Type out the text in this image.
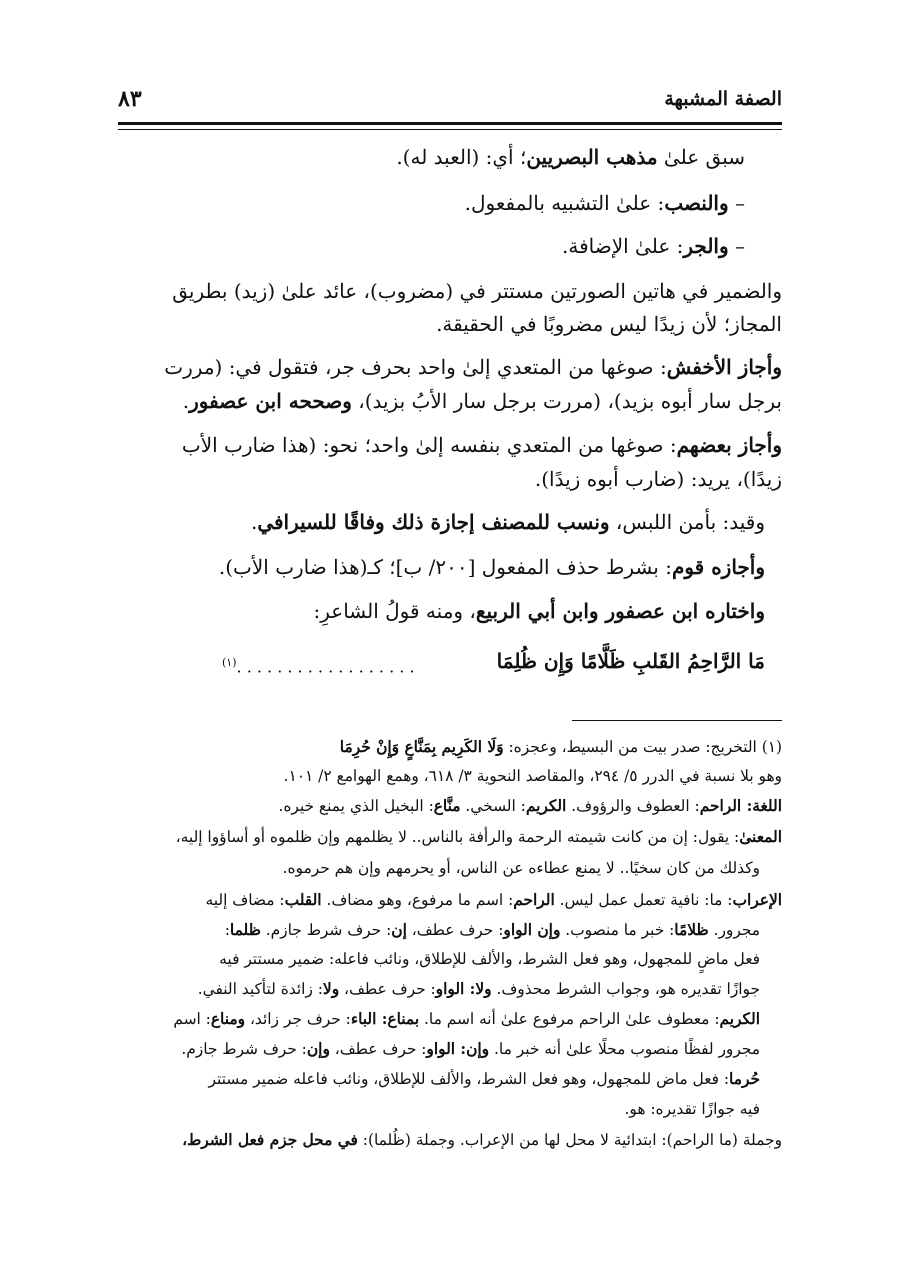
الصفة المشبهة
٨٣
سبق علىٰ مذهب البصريين؛ أي: (العبد له).
– والنصب: علىٰ التشبيه بالمفعول.
– والجر: علىٰ الإضافة.
والضمير في هاتين الصورتين مستتر في (مضروب)، عائد علىٰ (زيد) بطريق
المجاز؛ لأن زيدًا ليس مضروبًا في الحقيقة.
وأجاز الأخفش: صوغها من المتعدي إلىٰ واحد بحرف جر، فتقول في: (مررت
برجل سار أبوه بزيد)، (مررت برجل سار الأبُ بزيد)، وصححه ابن عصفور.
وأجاز بعضهم: صوغها من المتعدي بنفسه إلىٰ واحد؛ نحو: (هذا ضارب الأب
زيدًا)، يريد: (ضارب أبوه زيدًا).
وقيد: بأمن اللبس، ونسب للمصنف إجازة ذلك وفاقًا للسيرافي.
وأجازه قوم: بشرط حذف المفعول [٢٠٠/ ب]؛ كـ(هذا ضارب الأب).
واختاره ابن عصفور وابن أبي الربيع، ومنه قولُ الشاعرِ:
مَا الرَّاحِمُ القَلبِ ظَلَّامًا وَإِن ظُلِمَا
$^{(١)}$. . . . . . . . . . . . . . . . . .
(١) التخريج: صدر بيت من البسيط، وعجزه: وَلَا الكَرِيم بِمَنَّاعٍ وَإِنْ حُرِمَا
وهو بلا نسبة في الدرر ٥/ ٢٩٤، والمقاصد النحوية ٣/ ٦١٨، وهمع الهوامع ٢/ ١٠١.
اللغة: الراحم: العطوف والرؤوف. الكريم: السخي. منَّاع: البخيل الذي يمنع خيره.
المعنىٰ: يقول: إن من كانت شيمته الرحمة والرأفة بالناس.. لا يظلمهم وإن ظلموه أو أساؤوا إليه،
وكذلك من كان سخيًا.. لا يمنع عطاءه عن الناس، أو يحرمهم وإن هم حرموه.
الإعراب: ما: نافية تعمل عمل ليس. الراحم: اسم ما مرفوع، وهو مضاف. القلب: مضاف إليه
مجرور. ظلامًا: خبر ما منصوب. وإن الواو: حرف عطف، إن: حرف شرط جازم. ظلما:
فعل ماضٍ للمجهول، وهو فعل الشرط، والألف للإطلاق، ونائب فاعله: ضمير مستتر فيه
جوازًا تقديره هو، وجواب الشرط محذوف. ولا: الواو: حرف عطف، ولا: زائدة لتأكيد النفي.
الكريم: معطوف علىٰ الراحم مرفوع علىٰ أنه اسم ما. بمناع: الباء: حرف جر زائد، ومناع: اسم
مجرور لفظًا منصوب محلًا علىٰ أنه خبر ما. وإن: الواو: حرف عطف، وإن: حرف شرط جازم.
حُرما: فعل ماض للمجهول، وهو فعل الشرط، والألف للإطلاق، ونائب فاعله ضمير مستتر
فيه جوازًا تقديره: هو.
وجملة (ما الراحم): ابتدائية لا محل لها من الإعراب. وجملة (ظُلما): في محل جزم فعل الشرط،
